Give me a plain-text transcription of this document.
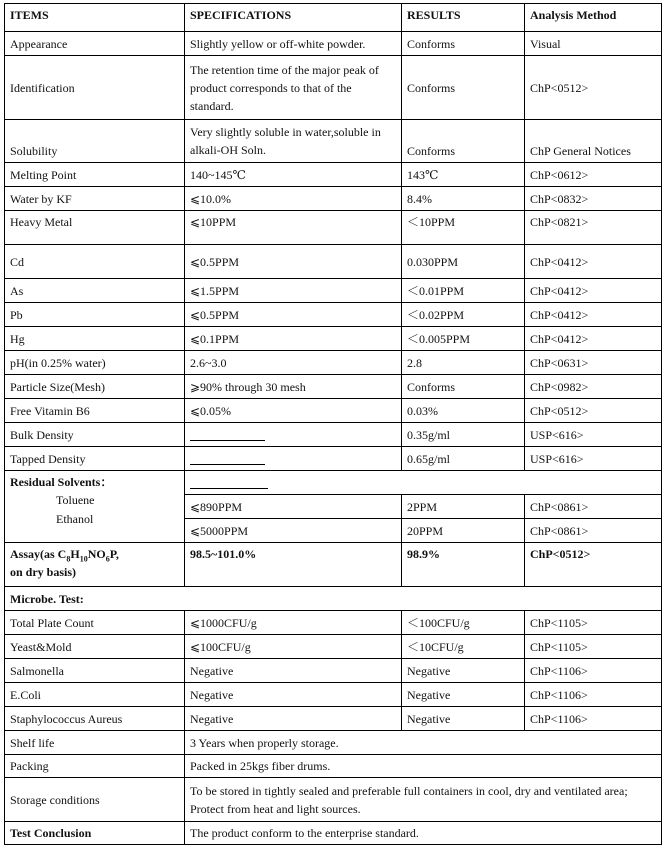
ITEMS	SPECIFICATIONS	RESULTS	Analysis Method
Appearance	Slightly yellow or off-white powder.	Conforms	Visual
Identification	The retention time of the major peak of product corresponds to that of the standard.	Conforms	ChP<0512>
Solubility	Very slightly soluble in water,soluble in alkali-OH Soln.	Conforms	ChP General Notices
Melting Point	140~145℃	143℃	ChP<0612>
Water by KF	⩽10.0%	8.4%	ChP<0832>
Heavy Metal	⩽10PPM	＜10PPM	ChP<0821>
Cd	⩽0.5PPM	0.030PPM	ChP<0412>
As	⩽1.5PPM	＜0.01PPM	ChP<0412>
Pb	⩽0.5PPM	＜0.02PPM	ChP<0412>
Hg	⩽0.1PPM	＜0.005PPM	ChP<0412>
pH(in 0.25% water)	2.6~3.0	2.8	ChP<0631>
Particle Size(Mesh)	⩾90% through 30 mesh	Conforms	ChP<0982>
Free Vitamin B6	⩽0.05%	0.03%	ChP<0512>
Bulk Density		0.35g/ml	USP<616>
Tapped Density		0.65g/ml	USP<616>
Residual Solvents：
Toluene
Ethanol			

	⩽890PPM	2PPM	ChP<0861>
	⩽5000PPM	20PPM	ChP<0861>
Assay(as $C_8H_{10}NO_6P$,
on dry basis)	98.5~101.0%	98.9%	ChP<0512>
Microbe. Test:			
Total Plate Count	⩽1000CFU/g	＜100CFU/g	ChP<1105>
Yeast&Mold	⩽100CFU/g	＜10CFU/g	ChP<1105>
Salmonella	Negative	Negative	ChP<1106>
E.Coli	Negative	Negative	ChP<1106>
Staphylococcus Aureus	Negative	Negative	ChP<1106>
Shelf life	3 Years when properly storage.		
Packing	Packed in 25kgs fiber drums.		
Storage conditions	To be stored in tightly sealed and preferable full containers in cool, dry and ventilated area;
Protect from heat and light sources.		
Test Conclusion	The product conform to the enterprise standard.		
